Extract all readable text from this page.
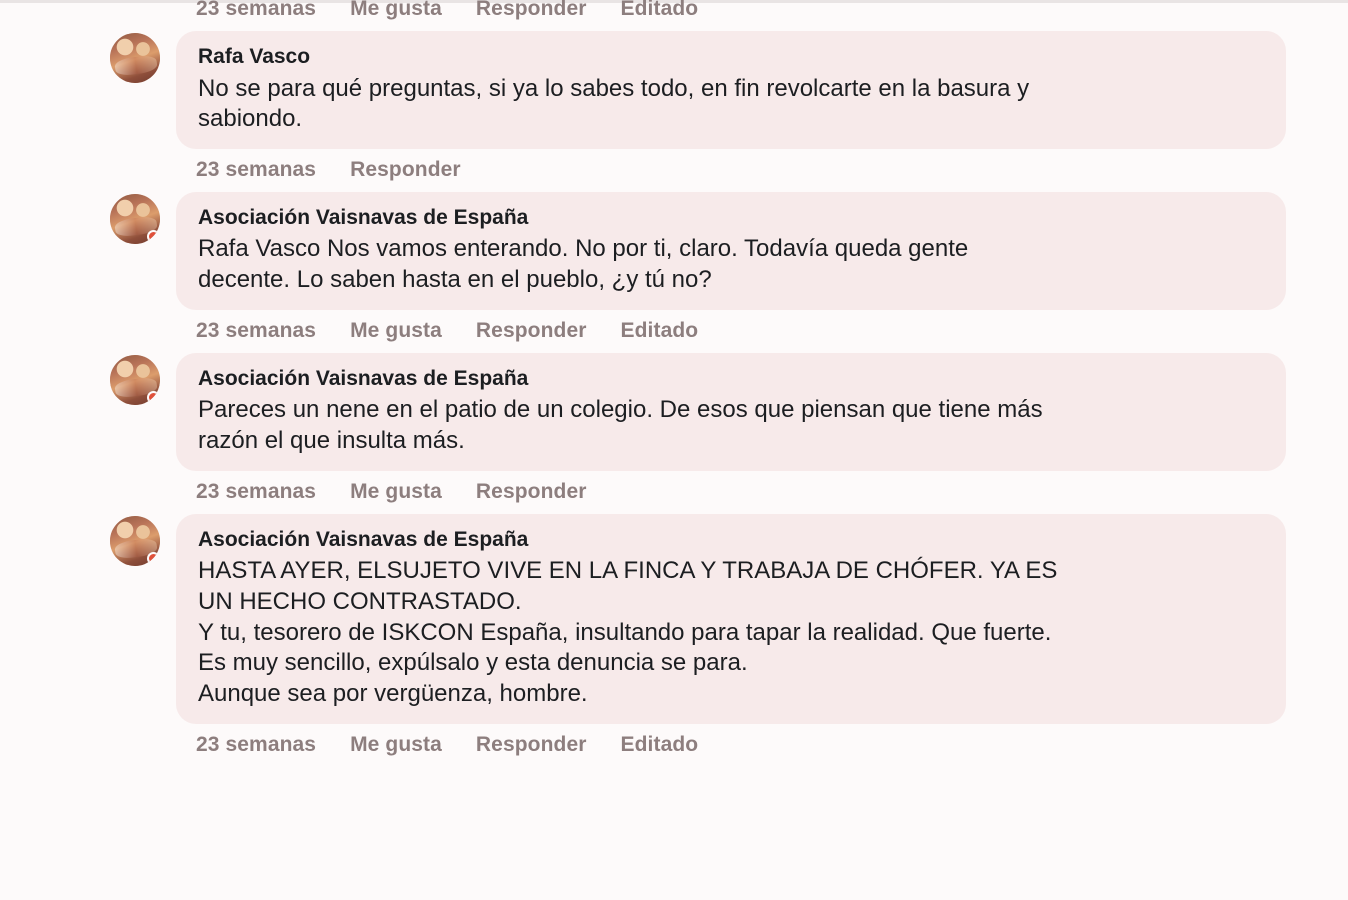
23 semanas Me gusta Responder Editado
Rafa Vasco
No se para qué preguntas, si ya lo sabes todo, en fin revolcarte en la basura y
sabiondo.
23 semanas Responder
Asociación Vaisnavas de España
Rafa Vasco Nos vamos enterando. No por ti, claro. Todavía queda gente
decente. Lo saben hasta en el pueblo, ¿y tú no?
23 semanas Me gusta Responder Editado
Asociación Vaisnavas de España
Pareces un nene en el patio de un colegio. De esos que piensan que tiene más
razón el que insulta más.
23 semanas Me gusta Responder
Asociación Vaisnavas de España
HASTA AYER, ELSUJETO VIVE EN LA FINCA Y TRABAJA DE CHÓFER. YA ES
UN HECHO CONTRASTADO.
Y tu, tesorero de ISKCON España, insultando para tapar la realidad. Que fuerte.
Es muy sencillo, expúlsalo y esta denuncia se para.
Aunque sea por vergüenza, hombre.
23 semanas Me gusta Responder Editado
